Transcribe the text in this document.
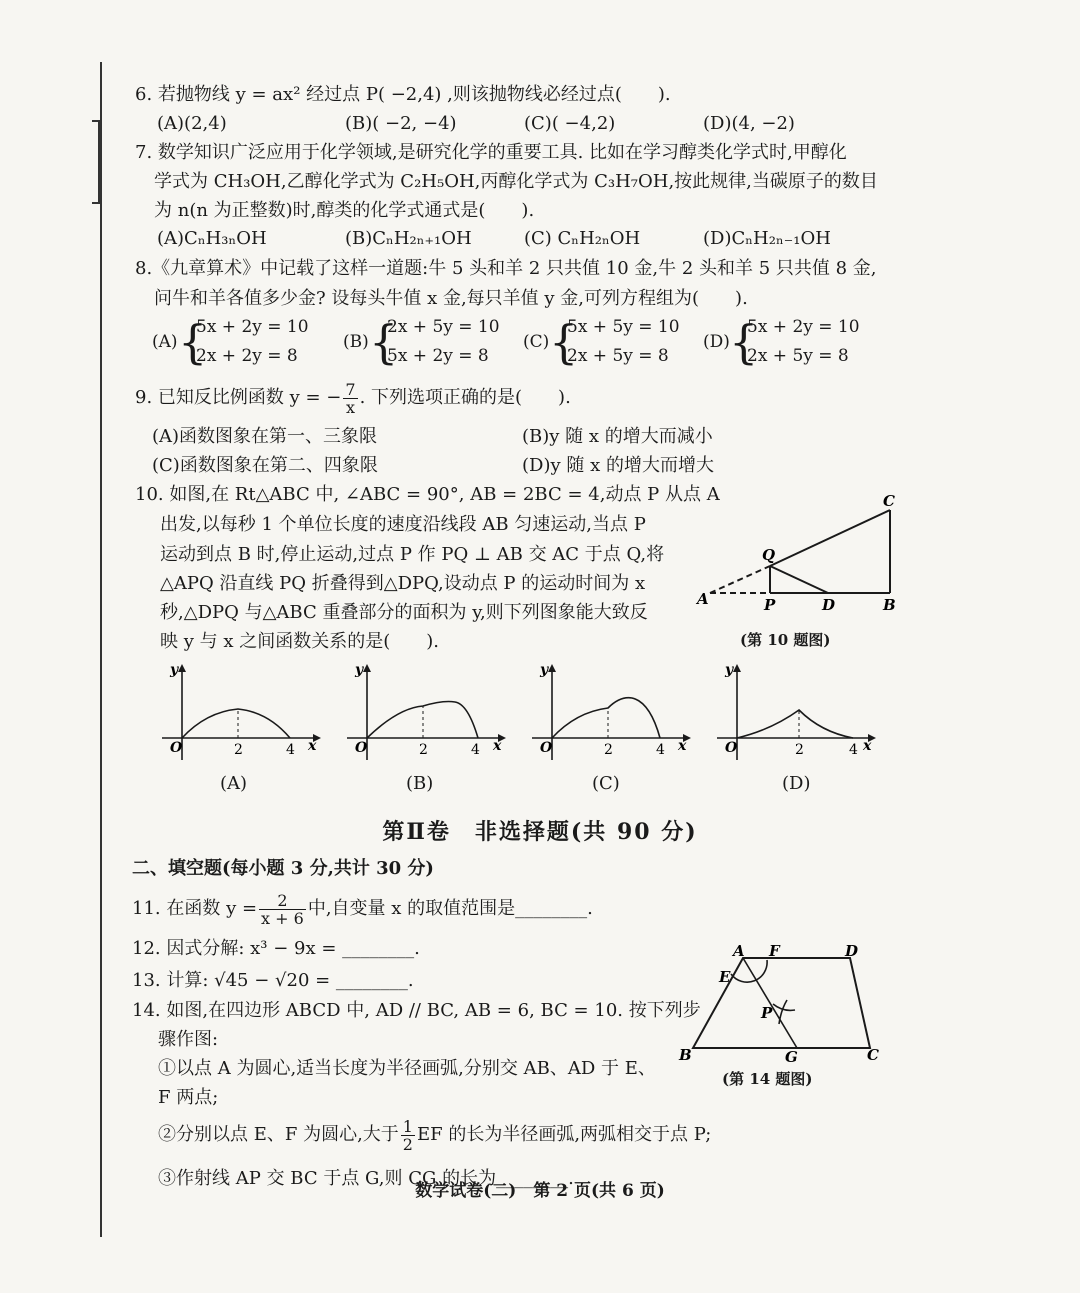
6. 若抛物线 y = ax² 经过点 P( −2,4) ,则该抛物线必经过点(　　).
(A)(2,4)	(B)( −2, −4)	(C)( −4,2)	(D)(4, −2)
7. 数学知识广泛应用于化学领域,是研究化学的重要工具. 比如在学习醇类化学式时,甲醇化
学式为 CH₃OH,乙醇化学式为 C₂H₅OH,丙醇化学式为 C₃H₇OH,按此规律,当碳原子的数目
为 n(n 为正整数)时,醇类的化学式通式是(　　).
(A)CₙH₃ₙOH	(B)CₙH₂ₙ₊₁OH	(C) CₙH₂ₙOH	(D)CₙH₂ₙ₋₁OH
8.《九章算术》中记载了这样一道题:牛 5 头和羊 2 只共值 10 金,牛 2 头和羊 5 只共值 8 金,
问牛和羊各值多少金? 设每头牛值 x 金,每只羊值 y 金,可列方程组为(　　).
(A) {
5x + 2y = 10
2x + 2y = 8
(B) {
2x + 5y = 10
5x + 2y = 8
(C) {
5x + 5y = 10
2x + 5y = 8
(D) {
5x + 2y = 10
2x + 5y = 8
9. 已知反比例函数 y = − $\frac{7}{x}$ . 下列选项正确的是(　　).
(A)函数图象在第一、三象限	(B)y 随 x 的增大而减小
(C)函数图象在第二、四象限	(D)y 随 x 的增大而增大
10. 如图,在 Rt△ABC 中, ∠ABC = 90°, AB = 2BC = 4,动点 P 从点 A
出发,以每秒 1 个单位长度的速度沿线段 AB 匀速运动,当点 P
运动到点 B 时,停止运动,过点 P 作 PQ ⊥ AB 交 AC 于点 Q,将
△APQ 沿直线 PQ 折叠得到△DPQ,设动点 P 的运动时间为 x
秒,△DPQ 与△ABC 重叠部分的面积为 y,则下列图象能大致反
映 y 与 x 之间函数关系的是(　　).
A	P	D	B
C
Q
(第 10 题图)
y
x
O	2	4
y
x
O	2	4
y
x
O	2	4
y
x
O	2	4
(A)	(B)	(C)	(D)
第Ⅱ卷　非选择题(共 90 分)
二、填空题(每小题 3 分,共计 30 分)
11. 在函数 $y = \frac{2}{x + 6}$ 中,自变量 x 的取值范围是________.
12. 因式分解: x³ − 9x = ________.
13. 计算: √45 − √20 = ________.
14. 如图,在四边形 ABCD 中, AD // BC, AB = 6, BC = 10. 按下列步
骤作图:
①以点 A 为圆心,适当长度为半径画弧,分别交 AB、AD 于 E、
F 两点;
②分别以点 E、F 为圆心,大于 $\frac{1}{2}$ EF 的长为半径画弧,两弧相交于点 P;
③作射线 AP 交 BC 于点 G,则 CG 的长为________.
A F	D
E
P
B	G	C
(第 14 题图)
数学试卷(二)　第 2 页(共 6 页)
